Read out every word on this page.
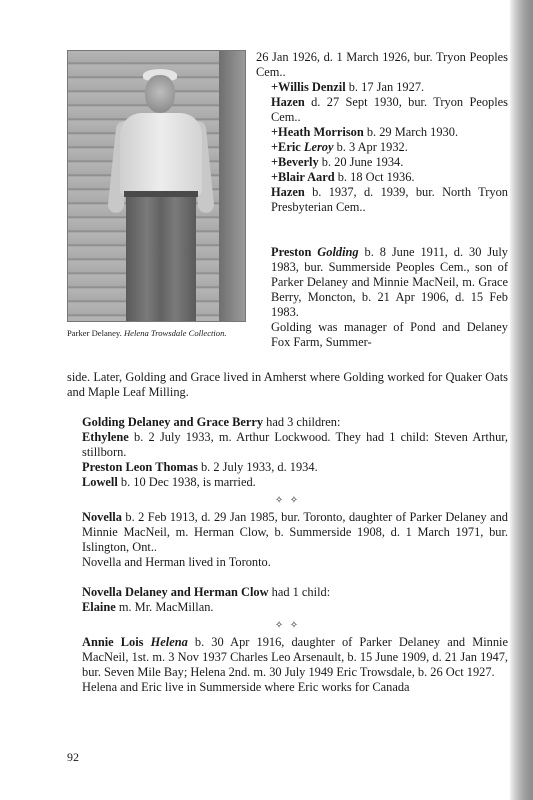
Parker Delaney. Helena Trowsdale Collection.

26 Jan 1926, d. 1 March 1926, bur. Tryon Peoples Cem..

+Willis Denzil b. 17 Jan 1927.

Hazen d. 27 Sept 1930, bur. Tryon Peoples Cem..

+Heath Morrison b. 29 March 1930.

+Eric Leroy b. 3 Apr 1932.

+Beverly b. 20 June 1934.

+Blair Aard b. 18 Oct 1936.

Hazen b. 1937, d. 1939, bur. North Tryon Presbyterian Cem..

Preston Golding b. 8 June 1911, d. 30 July 1983, bur. Summerside Peoples Cem., son of Parker Delaney and Minnie MacNeil, m. Grace Berry, Moncton, b. 21 Apr 1906, d. 15 Feb 1983.

Golding was manager of Pond and Delaney Fox Farm, Summer-

side. Later, Golding and Grace lived in Amherst where Golding worked for Quaker Oats and Maple Leaf Milling.

Golding Delaney and Grace Berry had 3 children:

Ethylene b. 2 July 1933, m. Arthur Lockwood. They had 1 child: Steven Arthur, stillborn.

Preston Leon Thomas b. 2 July 1933, d. 1934.

Lowell b. 10 Dec 1938, is married.

✧ ✧

Novella b. 2 Feb 1913, d. 29 Jan 1985, bur. Toronto, daughter of Parker Delaney and Minnie MacNeil, m. Herman Clow, b. Summerside 1908, d. 1 March 1971, bur. Islington, Ont..

Novella and Herman lived in Toronto.

Novella Delaney and Herman Clow had 1 child:

Elaine m. Mr. MacMillan.

✧ ✧

Annie Lois Helena b. 30 Apr 1916, daughter of Parker Delaney and Minnie MacNeil, 1st. m. 3 Nov 1937 Charles Leo Arsenault, b. 15 June 1909, d. 21 Jan 1947, bur. Seven Mile Bay; Helena 2nd. m. 30 July 1949 Eric Trowsdale, b. 26 Oct 1927.

Helena and Eric live in Summerside where Eric works for Canada

92
